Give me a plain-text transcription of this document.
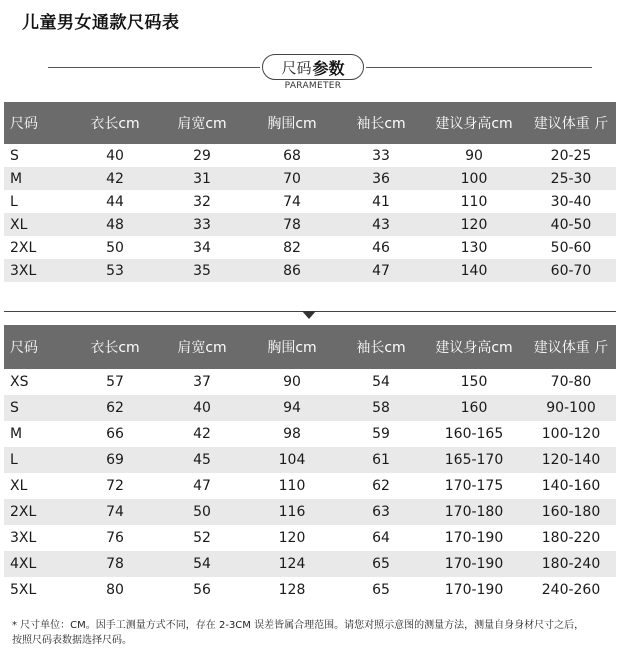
儿童男女通款尺码表
尺码 参数
PARAMETER
尺码	衣长cm	肩宽cm	胸围cm	袖长cm	建议身高cm	建议体重 斤
S	40	29	68	33	90	20-25
M	42	31	70	36	100	25-30
L	44	32	74	41	110	30-40
XL	48	33	78	43	120	40-50
2XL	50	34	82	46	130	50-60
3XL	53	35	86	47	140	60-70
尺码	衣长cm	肩宽cm	胸围cm	袖长cm	建议身高cm	建议体重 斤
XS	57	37	90	54	150	70-80
S	62	40	94	58	160	90-100
M	66	42	98	59	160-165	100-120
L	69	45	104	61	165-170	120-140
XL	72	47	110	62	170-175	140-160
2XL	74	50	116	63	170-180	160-180
3XL	76	52	120	64	170-190	180-220
4XL	78	54	124	65	170-190	180-240
5XL	80	56	128	65	170-190	240-260
* 尺寸单位：CM。因手工测量方式不同，存在 2-3CM 误差皆属合理范围。请您对照示意图的测量方法，测量自身身材尺寸之后，
按照尺码表数据选择尺码。
